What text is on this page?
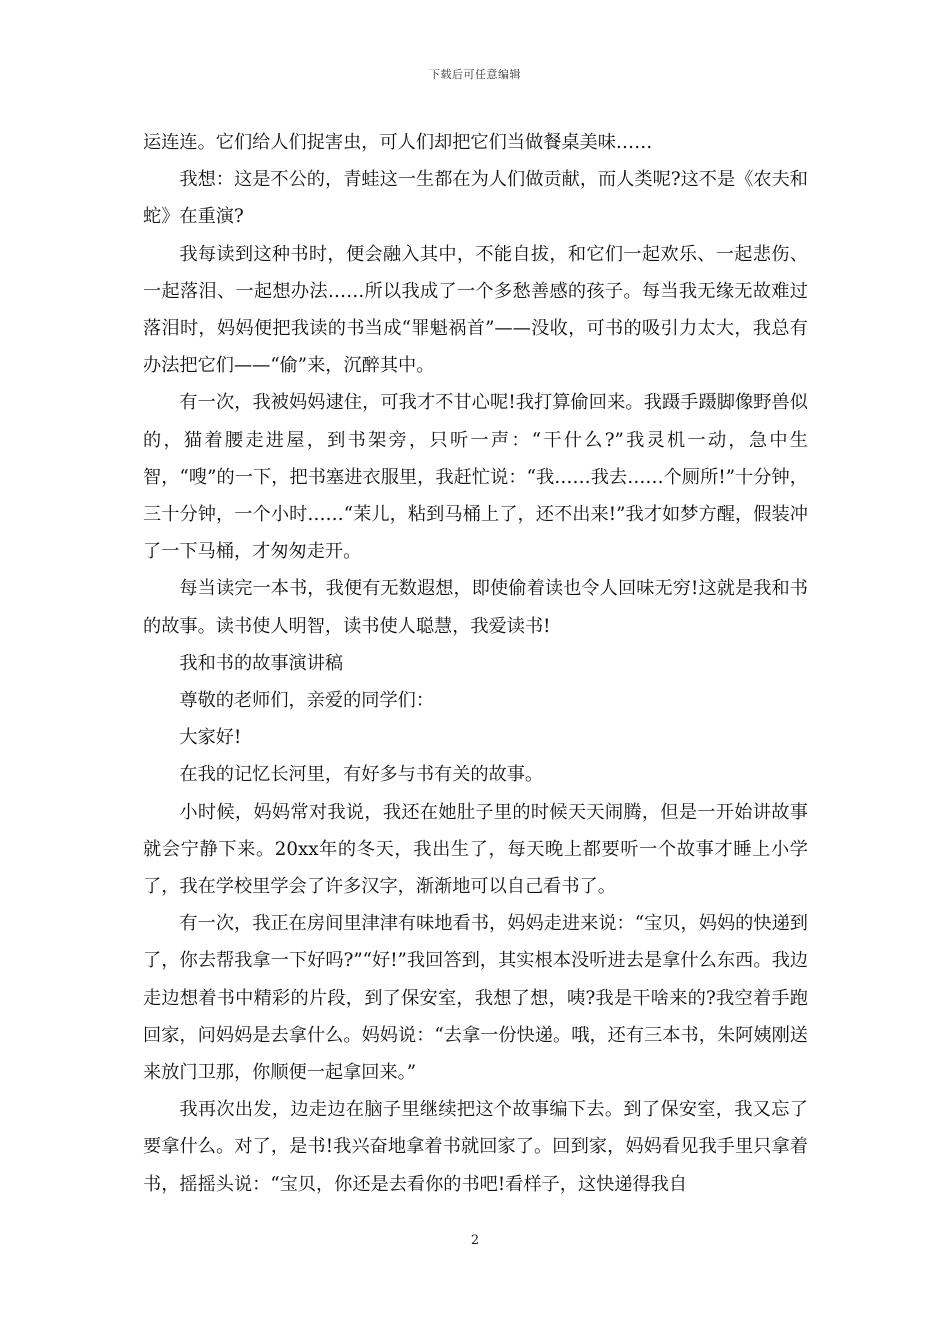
下载后可任意编辑

运连连。它们给人们捉害虫，可人们却把它们当做餐桌美味……

我想：这是不公的，青蛙这一生都在为人们做贡献，而人类呢?这不是《农夫和蛇》在重演?

我每读到这种书时，便会融入其中，不能自拔，和它们一起欢乐、一起悲伤、一起落泪、一起想办法……所以我成了一个多愁善感的孩子。每当我无缘无故难过落泪时，妈妈便把我读的书当成“罪魁祸首”——没收，可书的吸引力太大，我总有办法把它们——“偷”来，沉醉其中。

有一次，我被妈妈逮住，可我才不甘心呢!我打算偷回来。我蹑手蹑脚像野兽似的，猫着腰走进屋，到书架旁，只听一声：“干什么?”我灵机一动，急中生智，“嗖”的一下，把书塞进衣服里，我赶忙说：“我……我去……个厕所!”十分钟，三十分钟，一个小时……“茉儿，粘到马桶上了，还不出来!”我才如梦方醒，假装冲了一下马桶，才匆匆走开。

每当读完一本书，我便有无数遐想，即使偷着读也令人回味无穷!这就是我和书的故事。读书使人明智，读书使人聪慧，我爱读书!

我和书的故事演讲稿

尊敬的老师们，亲爱的同学们：

大家好!

在我的记忆长河里，有好多与书有关的故事。

小时候，妈妈常对我说，我还在她肚子里的时候天天闹腾，但是一开始讲故事就会宁静下来。20xx年的冬天，我出生了，每天晚上都要听一个故事才睡上小学了，我在学校里学会了许多汉字，渐渐地可以自己看书了。

有一次，我正在房间里津津有味地看书，妈妈走进来说：“宝贝，妈妈的快递到了，你去帮我拿一下好吗?”“好!”我回答到，其实根本没听进去是拿什么东西。我边走边想着书中精彩的片段，到了保安室，我想了想，咦?我是干啥来的?我空着手跑回家，问妈妈是去拿什么。妈妈说：“去拿一份快递。哦，还有三本书，朱阿姨刚送来放门卫那，你顺便一起拿回来。”

我再次出发，边走边在脑子里继续把这个故事编下去。到了保安室，我又忘了要拿什么。对了，是书!我兴奋地拿着书就回家了。回到家，妈妈看见我手里只拿着书，摇摇头说：“宝贝，你还是去看你的书吧!看样子，这快递得我自

2
